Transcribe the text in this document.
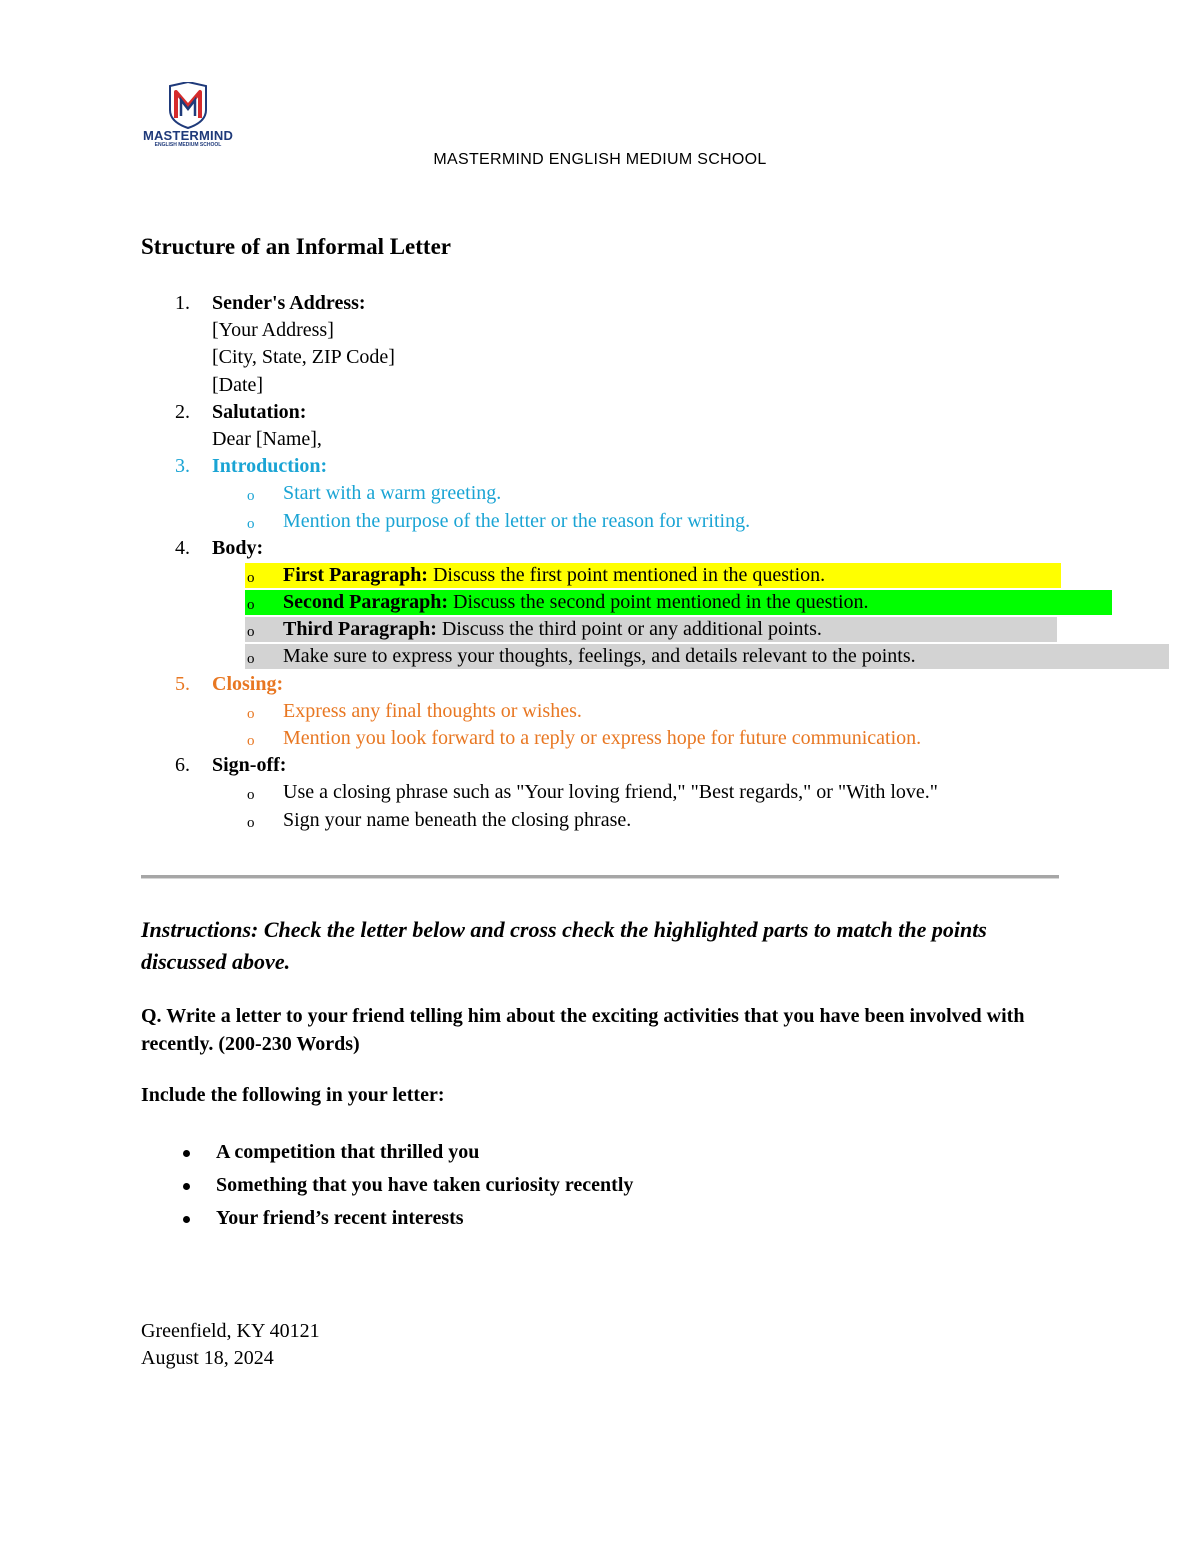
MASTERMIND
ENGLISH MEDIUM SCHOOL
MASTERMIND ENGLISH MEDIUM SCHOOL
Structure of an Informal Letter
1. Sender's Address:
[Your Address]
[City, State, ZIP Code]
[Date]
2. Salutation:
Dear [Name],
3. Introduction:
o Start with a warm greeting.
o Mention the purpose of the letter or the reason for writing.
4. Body:
o First Paragraph: Discuss the first point mentioned in the question.
o Second Paragraph: Discuss the second point mentioned in the question.
o Third Paragraph: Discuss the third point or any additional points.
o Make sure to express your thoughts, feelings, and details relevant to the points.
5. Closing:
o Express any final thoughts or wishes.
o Mention you look forward to a reply or express hope for future communication.
6. Sign-off:
o Use a closing phrase such as "Your loving friend," "Best regards," or "With love."
o Sign your name beneath the closing phrase.
Instructions: Check the letter below and cross check the highlighted parts to match the points discussed above.
Q. Write a letter to your friend telling him about the exciting activities that you have been involved with recently. (200-230 Words)
Include the following in your letter:
A competition that thrilled you
Something that you have taken curiosity recently
Your friend’s recent interests
Greenfield, KY 40121
August 18, 2024
